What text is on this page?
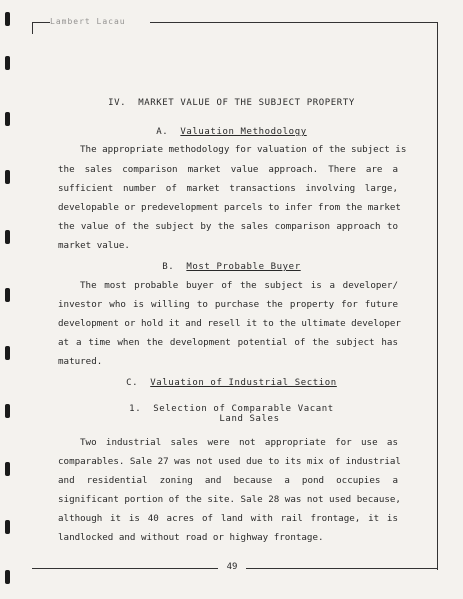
Lambert Lacau
IV.  MARKET VALUE OF THE SUBJECT PROPERTY
A. Valuation Methodology
The appropriate methodology for valuation of the subject is
the sales comparison market value approach. There are a
sufficient number of market transactions involving large,
developable or predevelopment parcels to infer from the market
the value of the subject by the sales comparison approach to
market value.
B. Most Probable Buyer
The most probable buyer of the subject is a developer/
investor who is willing to purchase the property for future
development or hold it and resell it to the ultimate developer
at a time when the development potential of the subject has
matured.
C. Valuation of Industrial Section
1.  Selection of Comparable Vacant
Land Sales
Two industrial sales were not appropriate for use as
comparables. Sale 27 was not used due to its mix of industrial
and residential zoning and because a pond occupies a
significant portion of the site. Sale 28 was not used because,
although it is 40 acres of land with rail frontage, it is
landlocked and without road or highway frontage.
49
